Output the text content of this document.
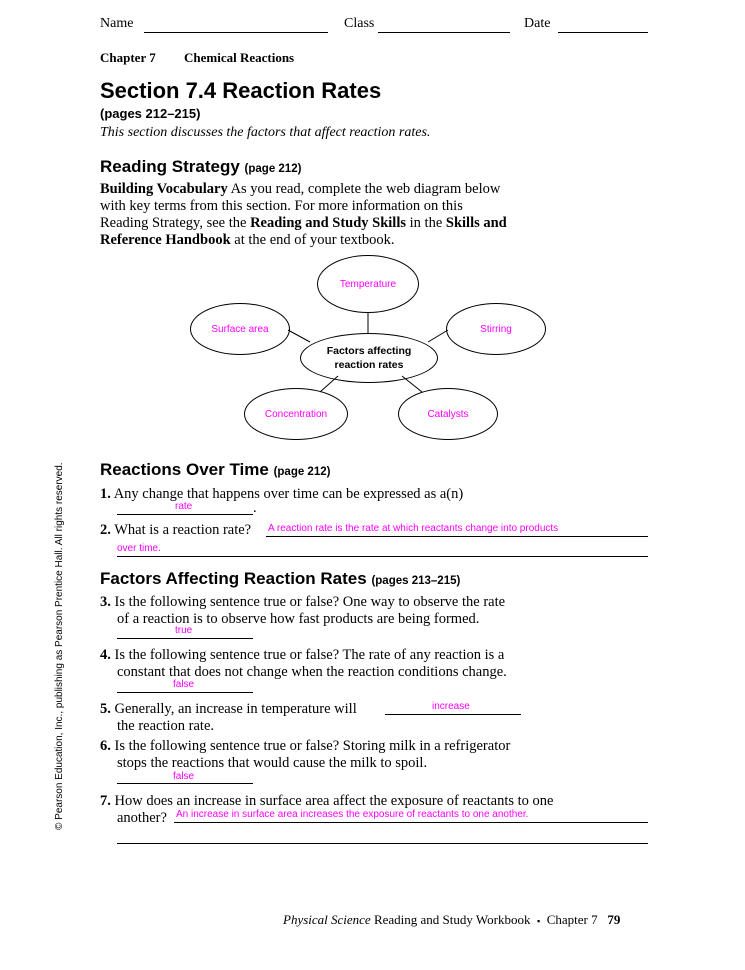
Name	Class	Date
Chapter 7 Chemical Reactions
Section 7.4 Reaction Rates
(pages 212–215)
This section discusses the factors that affect reaction rates.
Reading Strategy (page 212)
Building Vocabulary As you read, complete the web diagram below
with key terms from this section. For more information on this
Reading Strategy, see the Reading and Study Skills in the Skills and
Reference Handbook at the end of your textbook.
Temperature
Surface area	Stirring
Factors affecting
reaction rates
Concentration	Catalysts
Reactions Over Time (page 212)
1. Any change that happens over time can be expressed as a(n)
rate	.
2. What is a reaction rate? A reaction rate is the rate at which reactants change into products
over time.
Factors Affecting Reaction Rates (pages 213–215)
3. Is the following sentence true or false? One way to observe the rate
of a reaction is to observe how fast products are being formed.
true
4. Is the following sentence true or false? The rate of any reaction is a
constant that does not change when the reaction conditions change.
false
5. Generally, an increase in temperature will
the reaction rate.
increase
6. Is the following sentence true or false? Storing milk in a refrigerator
stops the reactions that would cause the milk to spoil.
false
7. How does an increase in surface area affect the exposure of reactants to one
another? An increase in surface area increases the exposure of reactants to one another.
© Pearson Education, Inc., publishing as Pearson Prentice Hall. All rights reserved.
Physical Science Reading and Study Workbook ▪ Chapter 7 79
